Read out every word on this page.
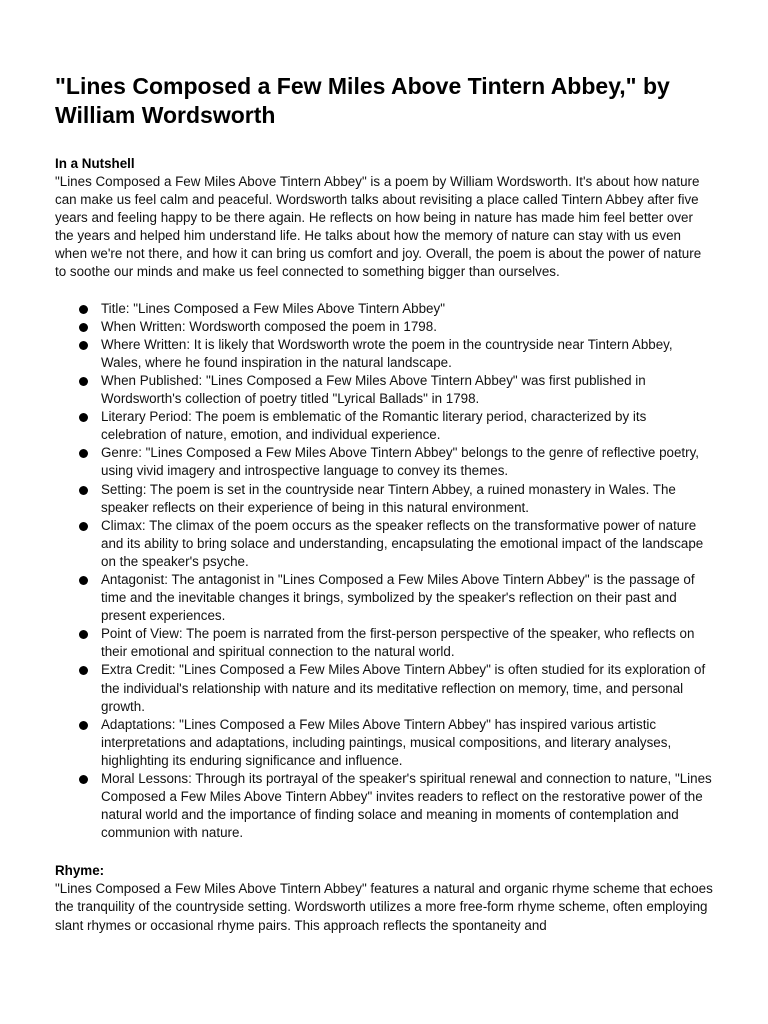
"Lines Composed a Few Miles Above Tintern Abbey," by William Wordsworth

In a Nutshell

"Lines Composed a Few Miles Above Tintern Abbey" is a poem by William Wordsworth. It's about how nature can make us feel calm and peaceful. Wordsworth talks about revisiting a place called Tintern Abbey after five years and feeling happy to be there again. He reflects on how being in nature has made him feel better over the years and helped him understand life. He talks about how the memory of nature can stay with us even when we're not there, and how it can bring us comfort and joy. Overall, the poem is about the power of nature to soothe our minds and make us feel connected to something bigger than ourselves.

Title: "Lines Composed a Few Miles Above Tintern Abbey"
When Written: Wordsworth composed the poem in 1798.
Where Written: It is likely that Wordsworth wrote the poem in the countryside near Tintern Abbey, Wales, where he found inspiration in the natural landscape.
When Published: "Lines Composed a Few Miles Above Tintern Abbey" was first published in Wordsworth's collection of poetry titled "Lyrical Ballads" in 1798.
Literary Period: The poem is emblematic of the Romantic literary period, characterized by its celebration of nature, emotion, and individual experience.
Genre: "Lines Composed a Few Miles Above Tintern Abbey" belongs to the genre of reflective poetry, using vivid imagery and introspective language to convey its themes.
Setting: The poem is set in the countryside near Tintern Abbey, a ruined monastery in Wales. The speaker reflects on their experience of being in this natural environment.
Climax: The climax of the poem occurs as the speaker reflects on the transformative power of nature and its ability to bring solace and understanding, encapsulating the emotional impact of the landscape on the speaker's psyche.
Antagonist: The antagonist in "Lines Composed a Few Miles Above Tintern Abbey" is the passage of time and the inevitable changes it brings, symbolized by the speaker's reflection on their past and present experiences.
Point of View: The poem is narrated from the first-person perspective of the speaker, who reflects on their emotional and spiritual connection to the natural world.
Extra Credit: "Lines Composed a Few Miles Above Tintern Abbey" is often studied for its exploration of the individual's relationship with nature and its meditative reflection on memory, time, and personal growth.
Adaptations: "Lines Composed a Few Miles Above Tintern Abbey" has inspired various artistic interpretations and adaptations, including paintings, musical compositions, and literary analyses, highlighting its enduring significance and influence.
Moral Lessons: Through its portrayal of the speaker's spiritual renewal and connection to nature, "Lines Composed a Few Miles Above Tintern Abbey" invites readers to reflect on the restorative power of the natural world and the importance of finding solace and meaning in moments of contemplation and communion with nature.

Rhyme:

"Lines Composed a Few Miles Above Tintern Abbey" features a natural and organic rhyme scheme that echoes the tranquility of the countryside setting. Wordsworth utilizes a more free-form rhyme scheme, often employing slant rhymes or occasional rhyme pairs. This approach reflects the spontaneity and
